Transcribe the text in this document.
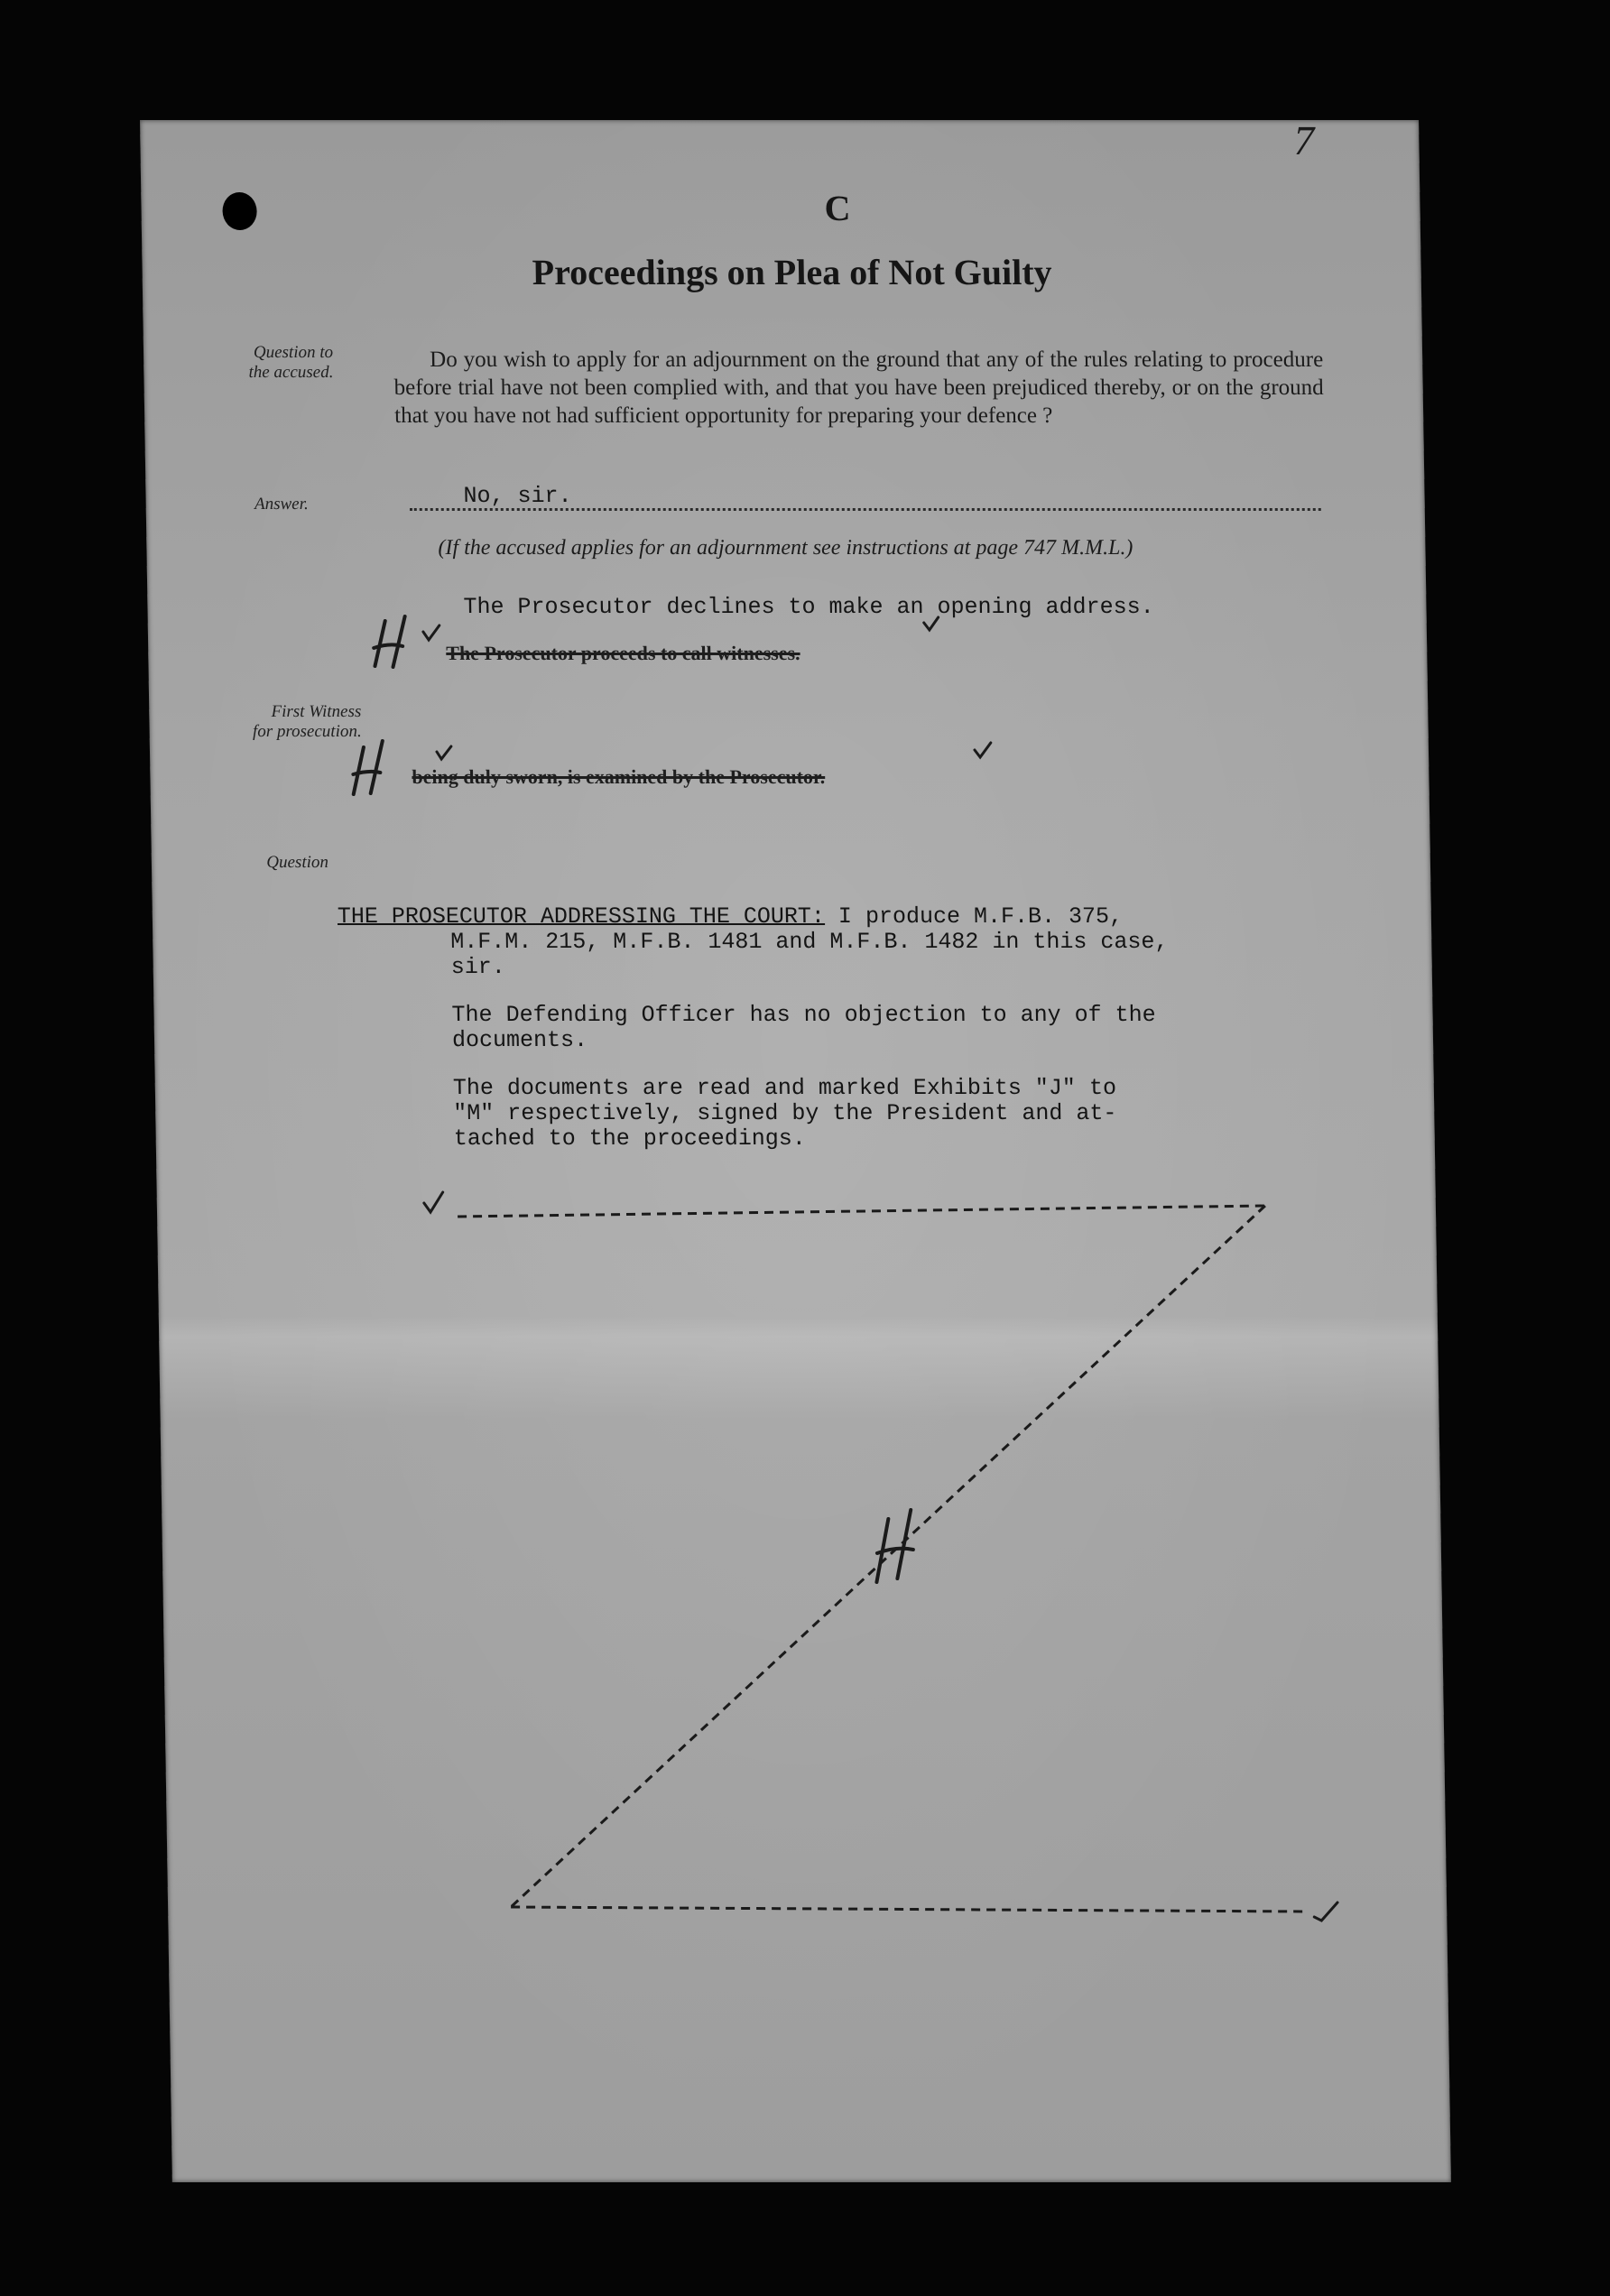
7
C
Proceedings on Plea of Not Guilty
Question to
the accused.
Answer.
First Witness
for prosecution.
Question
Do you wish to apply for an adjournment on the ground that any of the rules relating to procedure before trial have not been complied with, and that you have been prejudiced thereby, or on the ground that you have not had sufficient opportunity for preparing your defence ?
No, sir.
(If the accused applies for an adjournment see instructions at page 747 M.M.L.)
The Prosecutor declines to make an opening address.
The Prosecutor proceeds to call witnesses.
being duly sworn, is examined by the Prosecutor.
THE PROSECUTOR ADDRESSING THE COURT: I produce M.F.B. 375,
M.F.M. 215, M.F.B. 1481 and M.F.B. 1482 in this case,
sir.
The Defending Officer has no objection to any of the
documents.
The documents are read and marked Exhibits "J" to
"M" respectively, signed by the President and at-
tached to the proceedings.
